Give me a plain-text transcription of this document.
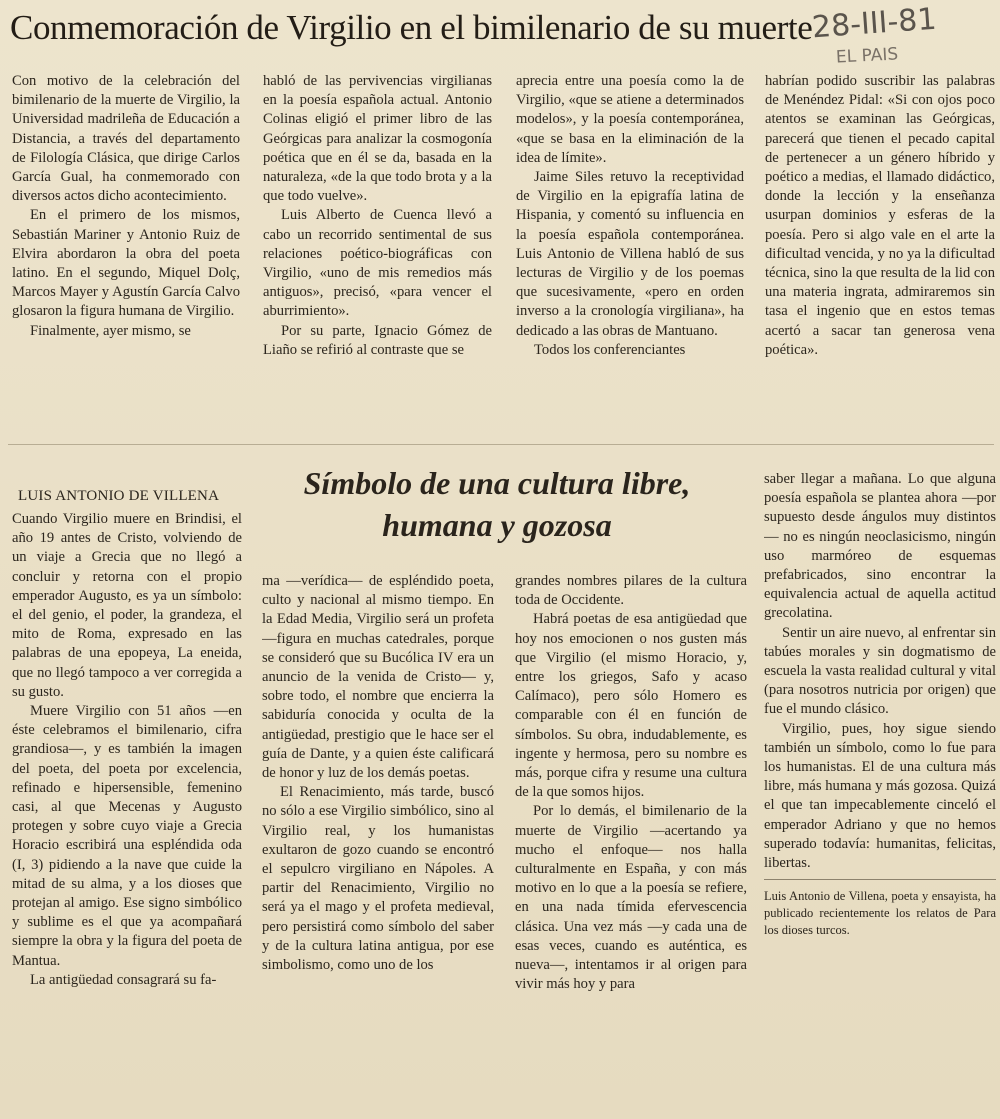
Conmemoración de Virgilio en el bimilenario de su muerte
28-III-81
EL PAIS

Con motivo de la celebración del bimilenario de la muerte de Virgilio, la Universidad madrileña de Educación a Distancia, a través del departamento de Filología Clásica, que dirige Carlos García Gual, ha conmemorado con diversos actos dicho acontecimiento.

En el primero de los mismos, Sebastián Mariner y Antonio Ruiz de Elvira abordaron la obra del poeta latino. En el segundo, Miquel Dolç, Marcos Mayer y Agustín García Calvo glosaron la figura humana de Virgilio.

Finalmente, ayer mismo, se

habló de las pervivencias virgilianas en la poesía española actual. Antonio Colinas eligió el primer libro de las Geórgicas para analizar la cosmogonía poética que en él se da, basada en la naturaleza, «de la que todo brota y a la que todo vuelve».

Luis Alberto de Cuenca llevó a cabo un recorrido sentimental de sus relaciones poético-biográficas con Virgilio, «uno de mis remedios más antiguos», precisó, «para vencer el aburrimiento».

Por su parte, Ignacio Gómez de Liaño se refirió al contraste que se

aprecia entre una poesía como la de Virgilio, «que se atiene a determinados modelos», y la poesía contemporánea, «que se basa en la eliminación de la idea de límite».

Jaime Siles retuvo la receptividad de Virgilio en la epigrafía latina de Hispania, y comentó su influencia en la poesía española contemporánea. Luis Antonio de Villena habló de sus lecturas de Virgilio y de los poemas que sucesivamente, «pero en orden inverso a la cronología virgiliana», ha dedicado a las obras de Mantuano.

Todos los conferenciantes

habrían podido suscribir las palabras de Menéndez Pidal: «Si con ojos poco atentos se examinan las Geórgicas, parecerá que tienen el pecado capital de pertenecer a un género híbrido y poético a medias, el llamado didáctico, donde la lección y la enseñanza usurpan dominios y esferas de la poesía. Pero si algo vale en el arte la dificultad vencida, y no ya la dificultad técnica, sino la que resulta de la lid con una materia ingrata, admiraremos sin tasa el ingenio que en estos temas acertó a sacar tan generosa vena poética».

LUIS ANTONIO DE VILLENA	Símbolo de una cultura libre,
humana y gozosa

Cuando Virgilio muere en Brindisi, el año 19 antes de Cristo, volviendo de un viaje a Grecia que no llegó a concluir y retorna con el propio emperador Augusto, es ya un símbolo: el del genio, el poder, la grandeza, el mito de Roma, expresado en las palabras de una epopeya, La eneida, que no llegó tampoco a ver corregida a su gusto.

Muere Virgilio con 51 años —en éste celebramos el bimilenario, cifra grandiosa—, y es también la imagen del poeta, del poeta por excelencia, refinado e hipersensible, femenino casi, al que Mecenas y Augusto protegen y sobre cuyo viaje a Grecia Horacio escribirá una espléndida oda (I, 3) pidiendo a la nave que cuide la mitad de su alma, y a los dioses que protejan al amigo. Ese signo simbólico y sublime es el que ya acompañará siempre la obra y la figura del poeta de Mantua.

La antigüedad consagrará su fa-

ma —verídica— de espléndido poeta, culto y nacional al mismo tiempo. En la Edad Media, Virgilio será un profeta —figura en muchas catedrales, porque se consideró que su Bucólica IV era un anuncio de la venida de Cristo— y, sobre todo, el nombre que encierra la sabiduría conocida y oculta de la antigüedad, prestigio que le hace ser el guía de Dante, y a quien éste calificará de honor y luz de los demás poetas.

El Renacimiento, más tarde, buscó no sólo a ese Virgilio simbólico, sino al Virgilio real, y los humanistas exultaron de gozo cuando se encontró el sepulcro virgiliano en Nápoles. A partir del Renacimiento, Virgilio no será ya el mago y el profeta medieval, pero persistirá como símbolo del saber y de la cultura latina antigua, por ese simbolismo, como uno de los

grandes nombres pilares de la cultura toda de Occidente.

Habrá poetas de esa antigüedad que hoy nos emocionen o nos gusten más que Virgilio (el mismo Horacio, y, entre los griegos, Safo y acaso Calímaco), pero sólo Homero es comparable con él en función de símbolos. Su obra, indudablemente, es ingente y hermosa, pero su nombre es más, porque cifra y resume una cultura de la que somos hijos.

Por lo demás, el bimilenario de la muerte de Virgilio —acertando ya mucho el enfoque— nos halla culturalmente en España, y con más motivo en lo que a la poesía se refiere, en una nada tímida efervescencia clásica. Una vez más —y cada una de esas veces, cuando es auténtica, es nueva—, intentamos ir al origen para vivir más hoy y para

saber llegar a mañana. Lo que alguna poesía española se plantea ahora —por supuesto desde ángulos muy distintos— no es ningún neoclasicismo, ningún uso marmóreo de esquemas prefabricados, sino encontrar la equivalencia actual de aquella actitud grecolatina.

Sentir un aire nuevo, al enfrentar sin tabúes morales y sin dogmatismo de escuela la vasta realidad cultural y vital (para nosotros nutricia por origen) que fue el mundo clásico.

Virgilio, pues, hoy sigue siendo también un símbolo, como lo fue para los humanistas. El de una cultura más libre, más humana y más gozosa. Quizá el que tan impecablemente cinceló el emperador Adriano y que no hemos superado todavía: humanitas, felicitas, libertas.

Luis Antonio de Villena, poeta y ensayista, ha publicado recientemente los relatos de Para los dioses turcos.
